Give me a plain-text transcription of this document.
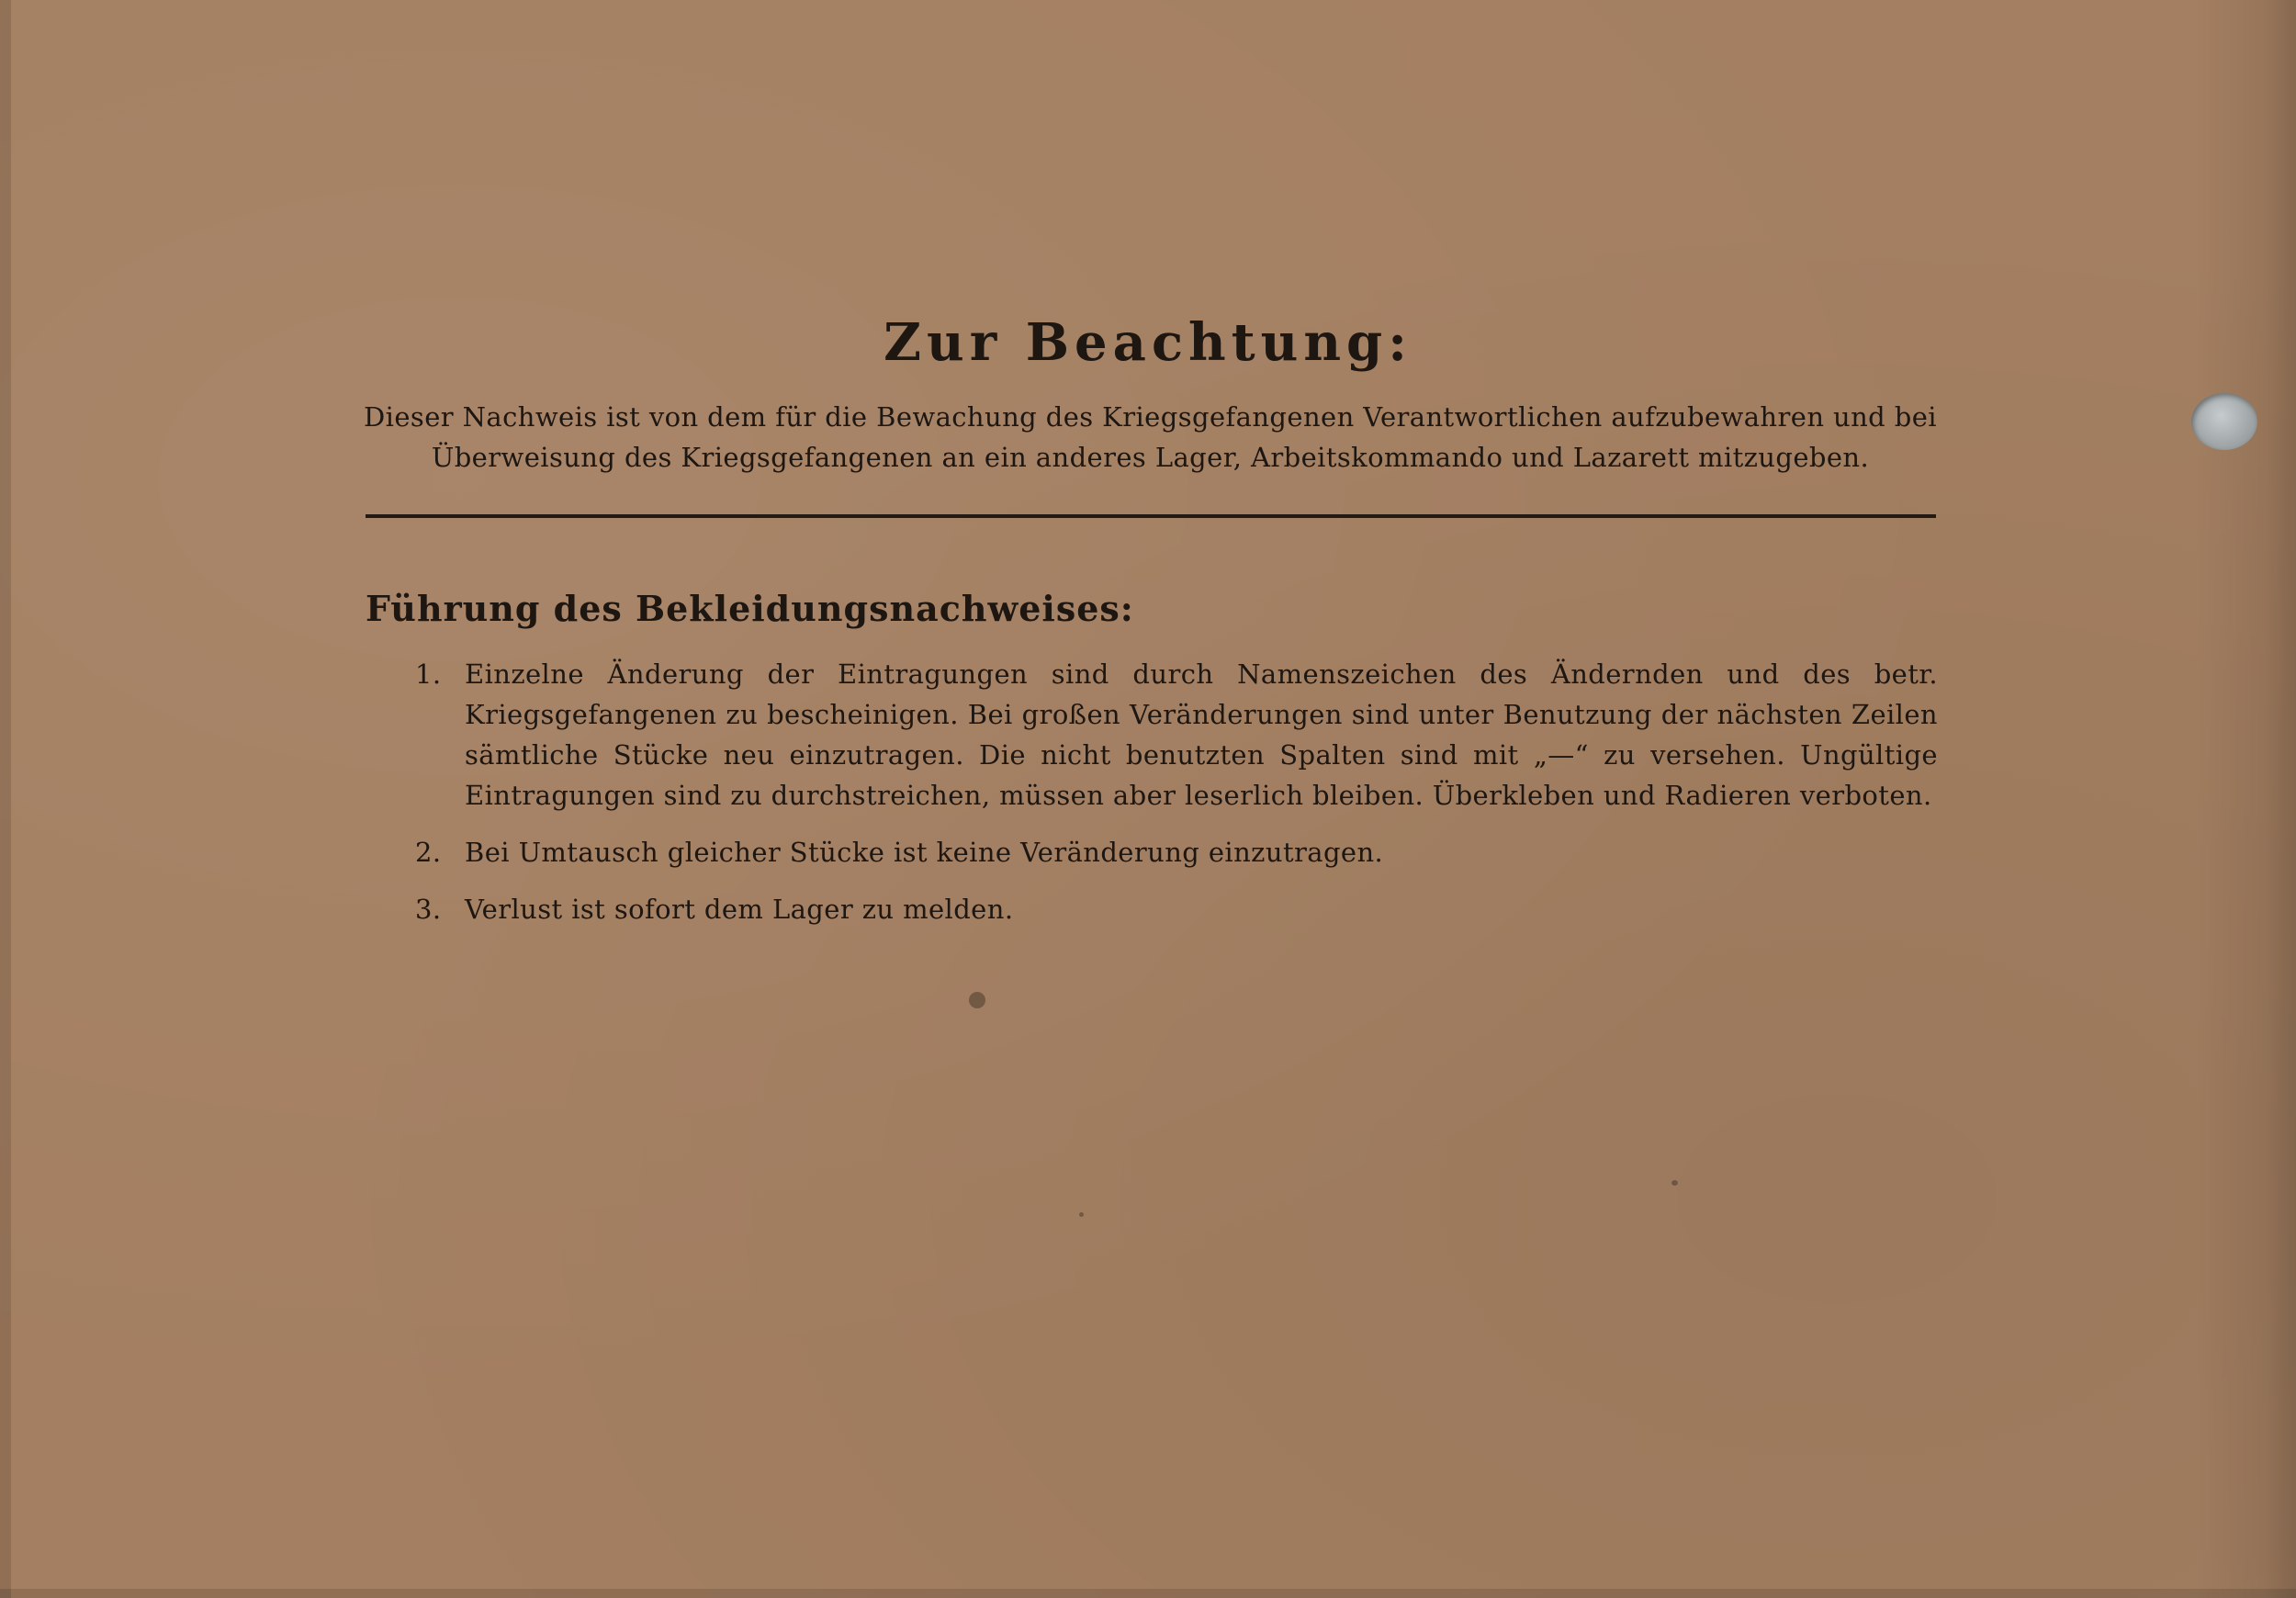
Zur Beachtung:

Dieser Nachweis ist von dem für die Bewachung des Kriegsgefangenen Verantwortlichen aufzubewahren und bei Überweisung des Kriegsgefangenen an ein anderes Lager, Arbeitskommando und Lazarett mitzugeben.

Führung des Bekleidungsnachweises:
1. Einzelne Änderung der Eintragungen sind durch Namenszeichen des Ändernden und des betr. Kriegsgefangenen zu bescheinigen. Bei großen Veränderungen sind unter Benutzung der nächsten Zeilen sämtliche Stücke neu einzutragen. Die nicht benutzten Spalten sind mit „—“ zu versehen. Ungültige Eintragungen sind zu durchstreichen, müssen aber leserlich bleiben. Überkleben und Radieren verboten.
2. Bei Umtausch gleicher Stücke ist keine Veränderung einzutragen.
3. Verlust ist sofort dem Lager zu melden.
